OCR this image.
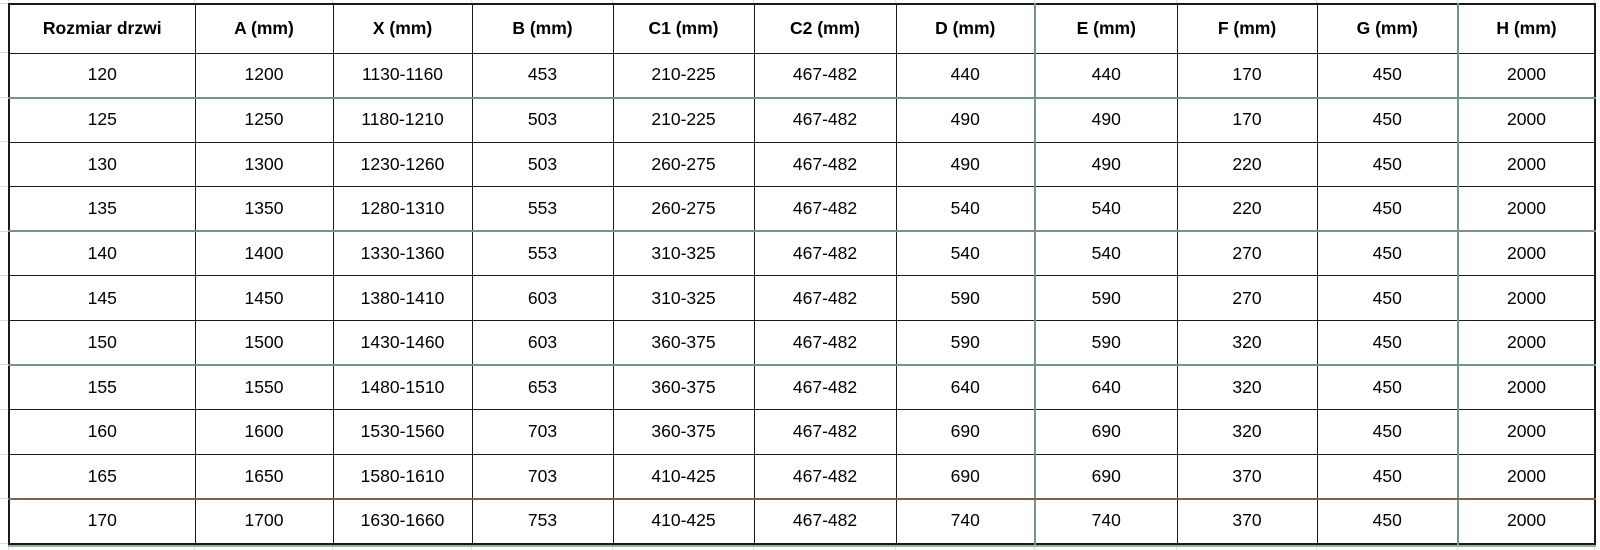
Rozmiar drzwi	A (mm)	X (mm)	B (mm)	C1 (mm)	C2 (mm)	D (mm)	E (mm)	F (mm)	G (mm)	H (mm)
120	1200	1130-1160	453	210-225	467-482	440	440	170	450	2000
125	1250	1180-1210	503	210-225	467-482	490	490	170	450	2000
130	1300	1230-1260	503	260-275	467-482	490	490	220	450	2000
135	1350	1280-1310	553	260-275	467-482	540	540	220	450	2000
140	1400	1330-1360	553	310-325	467-482	540	540	270	450	2000
145	1450	1380-1410	603	310-325	467-482	590	590	270	450	2000
150	1500	1430-1460	603	360-375	467-482	590	590	320	450	2000
155	1550	1480-1510	653	360-375	467-482	640	640	320	450	2000
160	1600	1530-1560	703	360-375	467-482	690	690	320	450	2000
165	1650	1580-1610	703	410-425	467-482	690	690	370	450	2000
170	1700	1630-1660	753	410-425	467-482	740	740	370	450	2000
